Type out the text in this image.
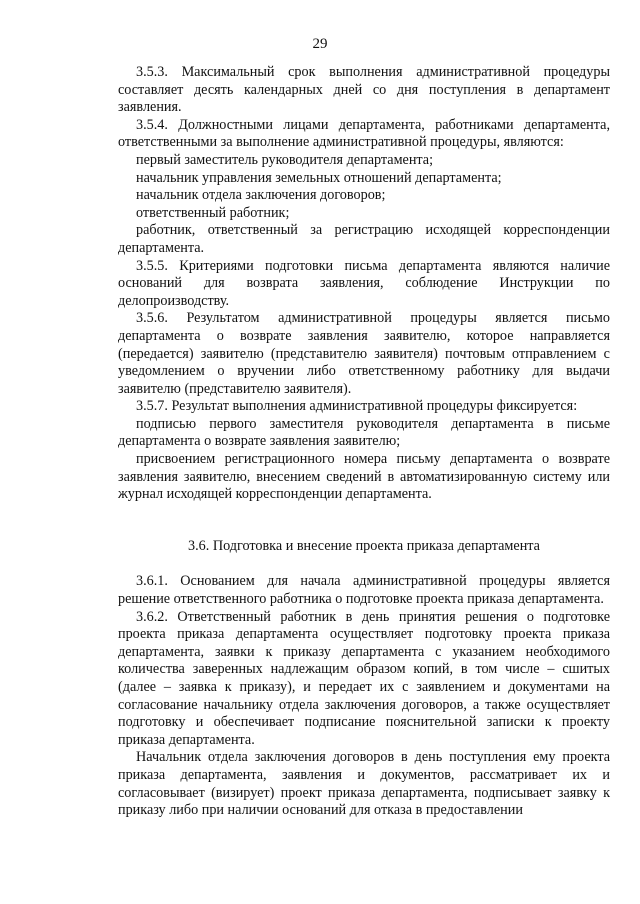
29

3.5.3. Максимальный срок выполнения административной процедуры составляет десять календарных дней со дня поступления в департамент заявления.

3.5.4. Должностными лицами департамента, работниками департамента, ответственными за выполнение административной процедуры, являются:

первый заместитель руководителя департамента;

начальник управления земельных отношений департамента;

начальник отдела заключения договоров;

ответственный работник;

работник, ответственный за регистрацию исходящей корреспонденции департамента.

3.5.5. Критериями подготовки письма департамента являются наличие оснований для возврата заявления, соблюдение Инструкции по делопроизводству.

3.5.6. Результатом административной процедуры является письмо департамента о возврате заявления заявителю, которое направляется (передается) заявителю (представителю заявителя) почтовым отправлением с уведомлением о вручении либо ответственному работнику для выдачи заявителю (представителю заявителя).

3.5.7. Результат выполнения административной процедуры фиксируется:

подписью первого заместителя руководителя департамента в письме департамента о возврате заявления заявителю;

присвоением регистрационного номера письму департамента о возврате заявления заявителю, внесением сведений в автоматизированную систему или журнал исходящей корреспонденции департамента.

3.6. Подготовка и внесение проекта приказа департамента

3.6.1. Основанием для начала административной процедуры является решение ответственного работника о подготовке проекта приказа департамента.

3.6.2. Ответственный работник в день принятия решения о подготовке проекта приказа департамента осуществляет подготовку проекта приказа департамента, заявки к приказу департамента с указанием необходимого количества заверенных надлежащим образом копий, в том числе – сшитых (далее – заявка к приказу), и передает их с заявлением и документами на согласование начальнику отдела заключения договоров, а также осуществляет подготовку и обеспечивает подписание пояснительной записки к проекту приказа департамента.

Начальник отдела заключения договоров в день поступления ему проекта приказа департамента, заявления и документов, рассматривает их и согласовывает (визирует) проект приказа департамента, подписывает заявку к приказу либо при наличии оснований для отказа в предоставлении
